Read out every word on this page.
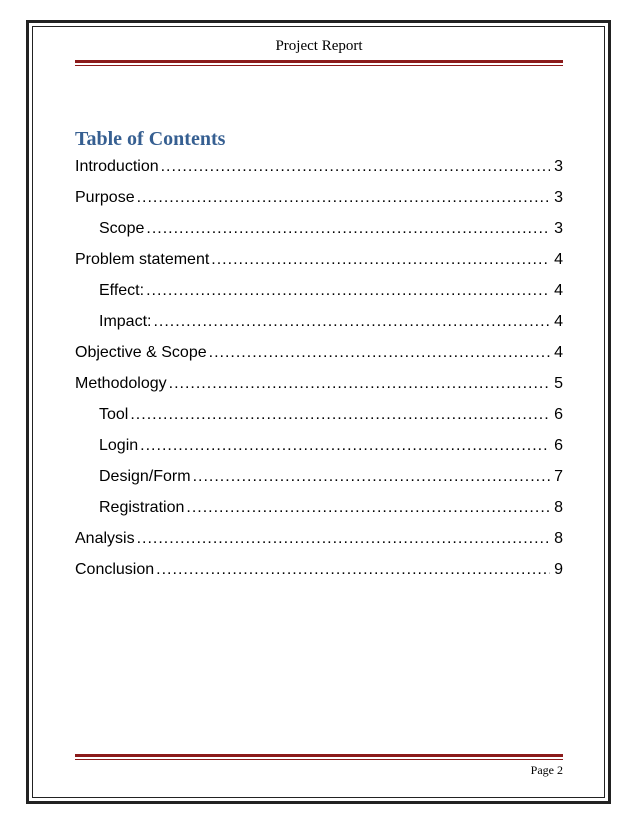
Project Report
Table of Contents
Introduction .....	3
Purpose .....	3
Scope .....	3
Problem statement .....	4
Effect: .....	4
Impact: .....	4
Objective & Scope .....	4
Methodology .....	5
Tool .....	6
Login .....	6
Design/Form .....	7
Registration .....	8
Analysis .....	8
Conclusion .....	9
Page 2
